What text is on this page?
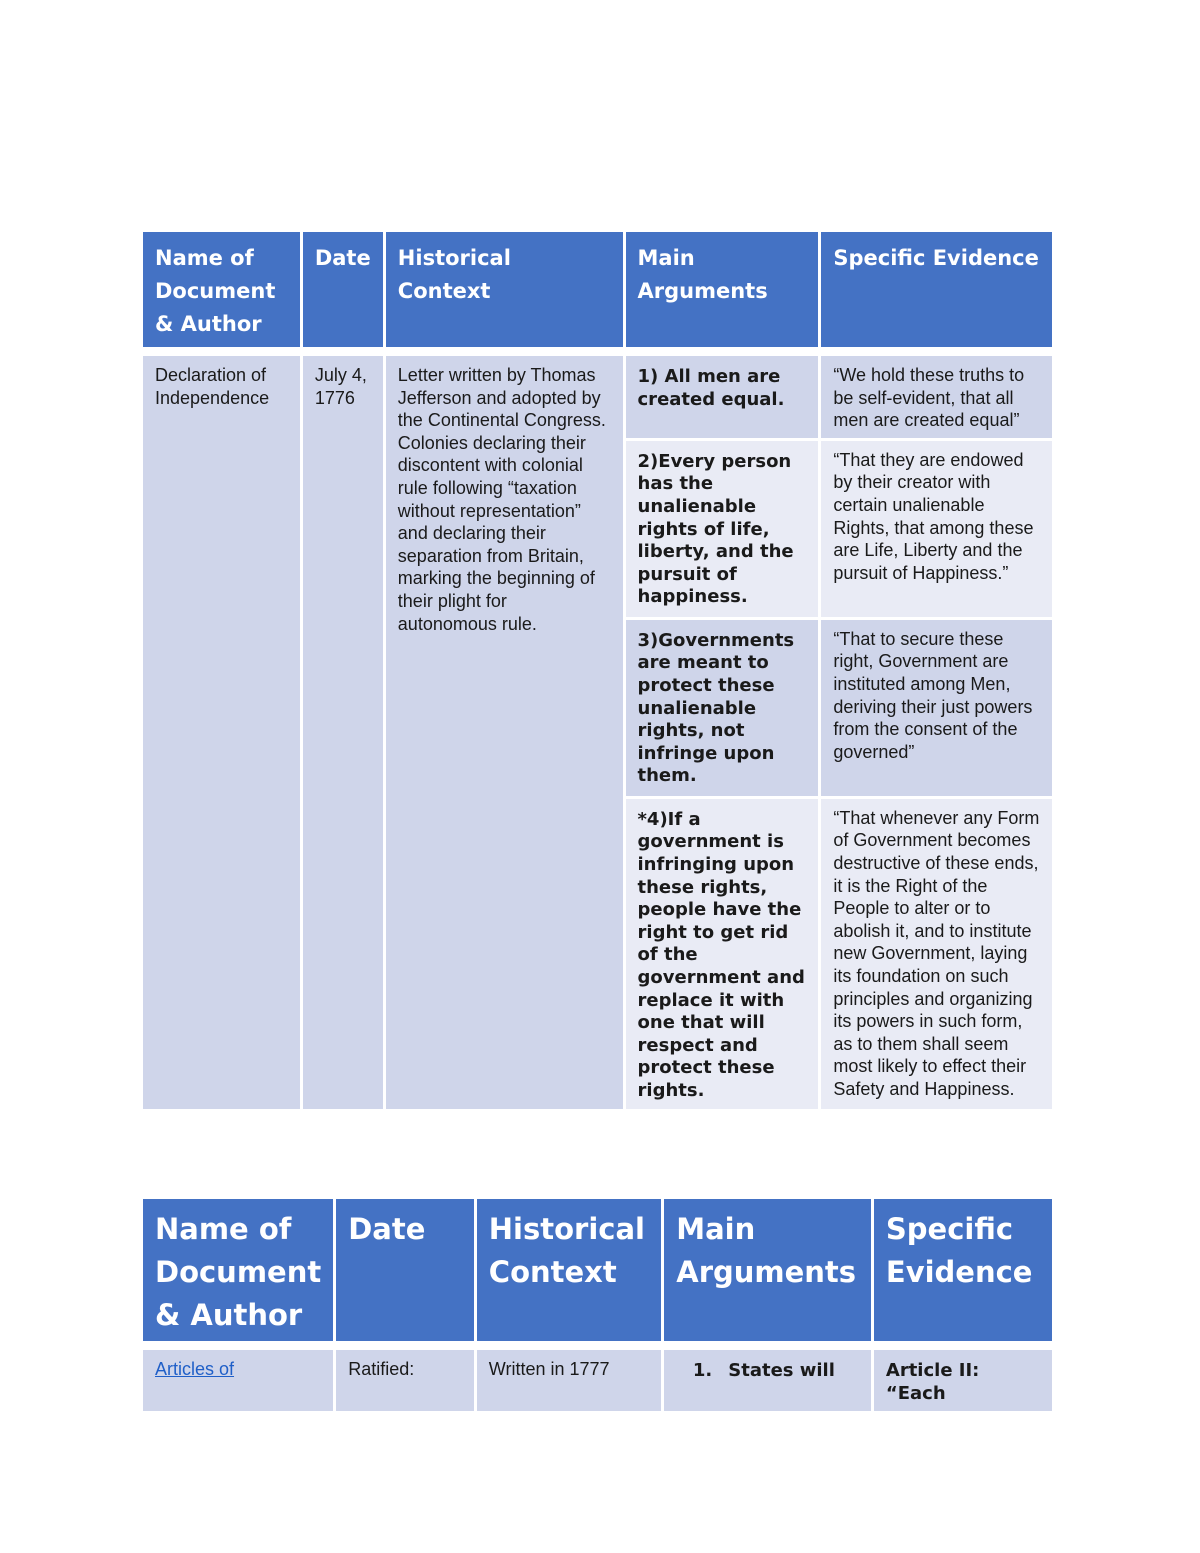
Name of Document & Author	Date	Historical Context	Main Arguments	Specific Evidence

Declaration of Independence	July 4, 1776	Letter written by Thomas Jefferson and adopted by the Continental Congress. Colonies declaring their discontent with colonial rule following “taxation without representation” and declaring their separation from Britain, marking the beginning of their plight for autonomous rule.	1) All men are created equal.	“We hold these truths to be self-evident, that all men are created equal”
			2)Every person has the unalienable rights of life, liberty, and the pursuit of happiness.	“That they are endowed by their creator with certain unalienable Rights, that among these are Life, Liberty and the pursuit of Happiness.”
			3)Governments are meant to protect these unalienable rights, not infringe upon them.	“That to secure these right, Government are instituted among Men, deriving their just powers from the consent of the governed”
			*4)If a government is infringing upon these rights, people have the right to get rid of the government and replace it with one that will respect and protect these rights.	“That whenever any Form of Government becomes destructive of these ends, it is the Right of the People to alter or to abolish it, and to institute new Government, laying its foundation on such principles and organizing its powers in such form, as to them shall seem most likely to effect their Safety and Happiness.
Name of Document & Author	Date	Historical Context	Main Arguments	Specific Evidence

Articles of	Ratified:	Written in 1777	1. States will	Article II: “Each
